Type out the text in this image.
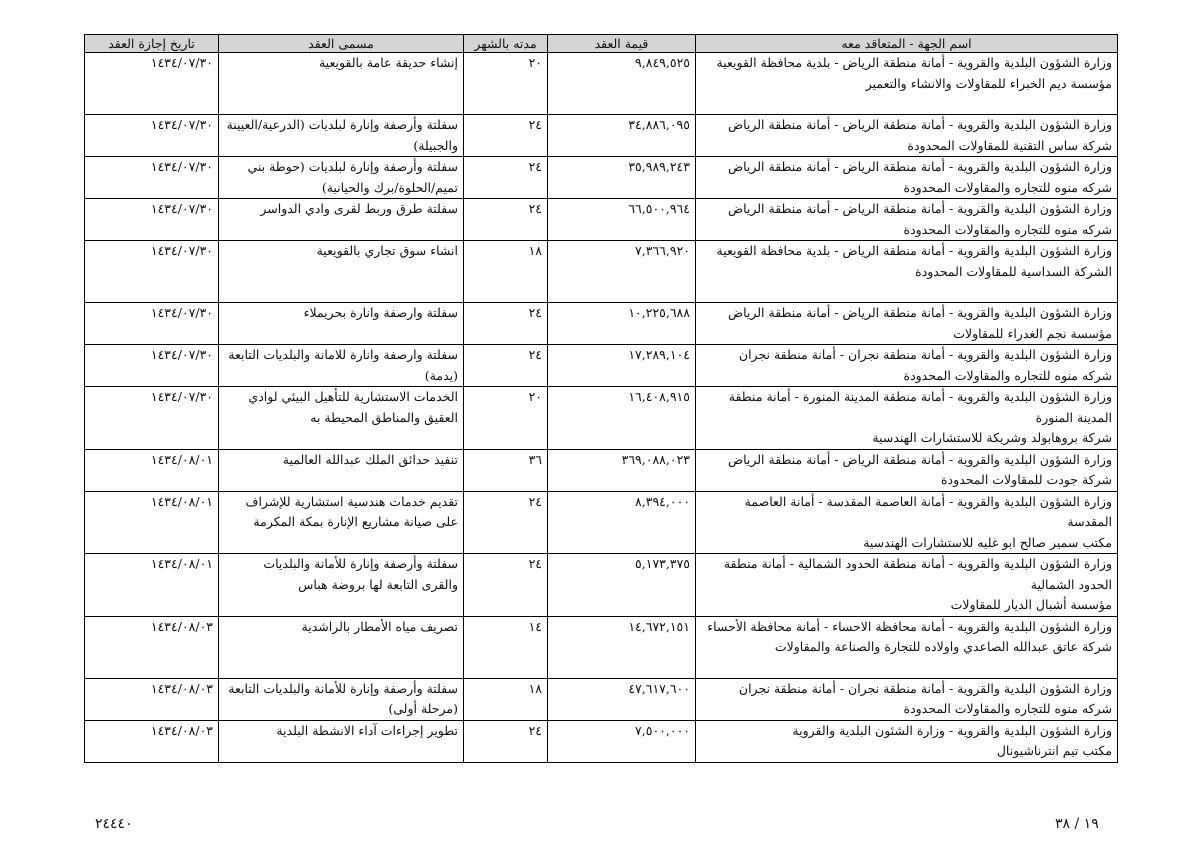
اسم الجهة - المتعاقد معه	قيمة العقد	مدته بالشهر	مسمى العقد	تاريخ إجازة العقد

وزارة الشؤون البلدية والقروية - أمانة منطقة الرياض - بلدية محافظة القويعية
مؤسسة ديم الخبراء للمقاولات والانشاء والتعمير	٩,٨٤٩,٥٢٥	٢٠	إنشاء حديقة عامة بالقويعية	١٤٣٤/٠٧/٣٠

وزارة الشؤون البلدية والقروية - أمانة منطقة الرياض - أمانة منطقة الرياض
شركة ساس التقنية للمقاولات المحدودة	٣٤,٨٨٦,٠٩٥	٢٤	سفلتة وأرصفة وإنارة لبلديات (الدرعية/العيينة والجبيلة)	١٤٣٤/٠٧/٣٠

وزارة الشؤون البلدية والقروية - أمانة منطقة الرياض - أمانة منطقة الرياض
شركه منوه للتجاره والمقاولات المحدودة	٣٥,٩٨٩,٢٤٣	٢٤	سفلتة وأرصفة وإنارة لبلديات (حوطة بني تميم/الحلوة/برك والحيانية)	١٤٣٤/٠٧/٣٠

وزارة الشؤون البلدية والقروية - أمانة منطقة الرياض - أمانة منطقة الرياض
شركه منوه للتجاره والمقاولات المحدودة	٦٦,٥٠٠,٩٦٤	٢٤	سفلتة طرق وربط لقرى وادي الدواسر	١٤٣٤/٠٧/٣٠

وزارة الشؤون البلدية والقروية - أمانة منطقة الرياض - بلدية محافظة القويعية
الشركة السداسية للمقاولات المحدودة	٧,٣٦٦,٩٢٠	١٨	انشاء سوق تجاري بالقويعية	١٤٣٤/٠٧/٣٠

وزارة الشؤون البلدية والقروية - أمانة منطقة الرياض - أمانة منطقة الرياض
مؤسسة نجم الغدراء للمقاولات	١٠,٢٢٥,٦٨٨	٢٤	سفلتة وارصفة وانارة بحريملاء	١٤٣٤/٠٧/٣٠

وزارة الشؤون البلدية والقروية - أمانة منطقة نجران - أمانة منطقة نجران
شركه منوه للتجاره والمقاولات المحدودة	١٧,٢٨٩,١٠٤	٢٤	سفلتة وارصفة وانارة للامانة والبلديات التابعة (يدمة)	١٤٣٤/٠٧/٣٠

وزارة الشؤون البلدية والقروية - أمانة منطقة المدينة المنورة - أمانة منطقة المدينة المنورة
شركة بروهابولد وشريكة للاستشارات الهندسية	١٦,٤٠٨,٩١٥	٢٠	الخدمات الاستشارية للتأهيل البيئي لوادي العقيق والمناطق المحيطة به	١٤٣٤/٠٧/٣٠

وزارة الشؤون البلدية والقروية - أمانة منطقة الرياض - أمانة منطقة الرياض
شركة جودت للمقاولات المحدودة	٣٦٩,٠٨٨,٠٢٣	٣٦	تنفيذ حدائق الملك عبدالله العالمية	١٤٣٤/٠٨/٠١

وزارة الشؤون البلدية والقروية - أمانة العاصمة المقدسة - أمانة العاصمة المقدسة
مكتب سمير صالح ابو غليه للاستشارات الهندسية	٨,٣٩٤,٠٠٠	٢٤	تقديم خدمات هندسية استشارية للإشراف على صيانة مشاريع الإنارة بمكة المكرمة	١٤٣٤/٠٨/٠١

وزارة الشؤون البلدية والقروية - أمانة منطقة الحدود الشمالية - أمانة منطقة الحدود الشمالية
مؤسسة أشبال الديار للمقاولات	٥,١٧٣,٣٧٥	٢٤	سفلتة وأرصفة وإنارة للأمانة والبلديات والقرى التابعة لها بروضة هباس	١٤٣٤/٠٨/٠١

وزارة الشؤون البلدية والقروية - أمانة محافظة الاحساء - أمانة محافظة الأحساء
شركة عاتق عبدالله الصاعدي واولاده للتجارة والصناعة والمقاولات	١٤,٦٧٢,١٥١	١٤	تصريف مياه الأمطار بالراشدية	١٤٣٤/٠٨/٠٣

وزارة الشؤون البلدية والقروية - أمانة منطقة نجران - أمانة منطقة نجران
شركه منوه للتجاره والمقاولات المحدودة	٤٧,٦١٧,٦٠٠	١٨	سفلتة وأرصفة وإنارة للأمانة والبلديات التابعة (مرحلة أولى)	١٤٣٤/٠٨/٠٣

وزارة الشؤون البلدية والقروية - وزارة الشئون البلدية والقروية
مكتب تيم انترناشيونال	٧,٥٠٠,٠٠٠	٢٤	تطوير إجراءات آداء الانشطة البلدية	١٤٣٤/٠٨/٠٣
١٩ / ٣٨
٢٤٤٤٠
